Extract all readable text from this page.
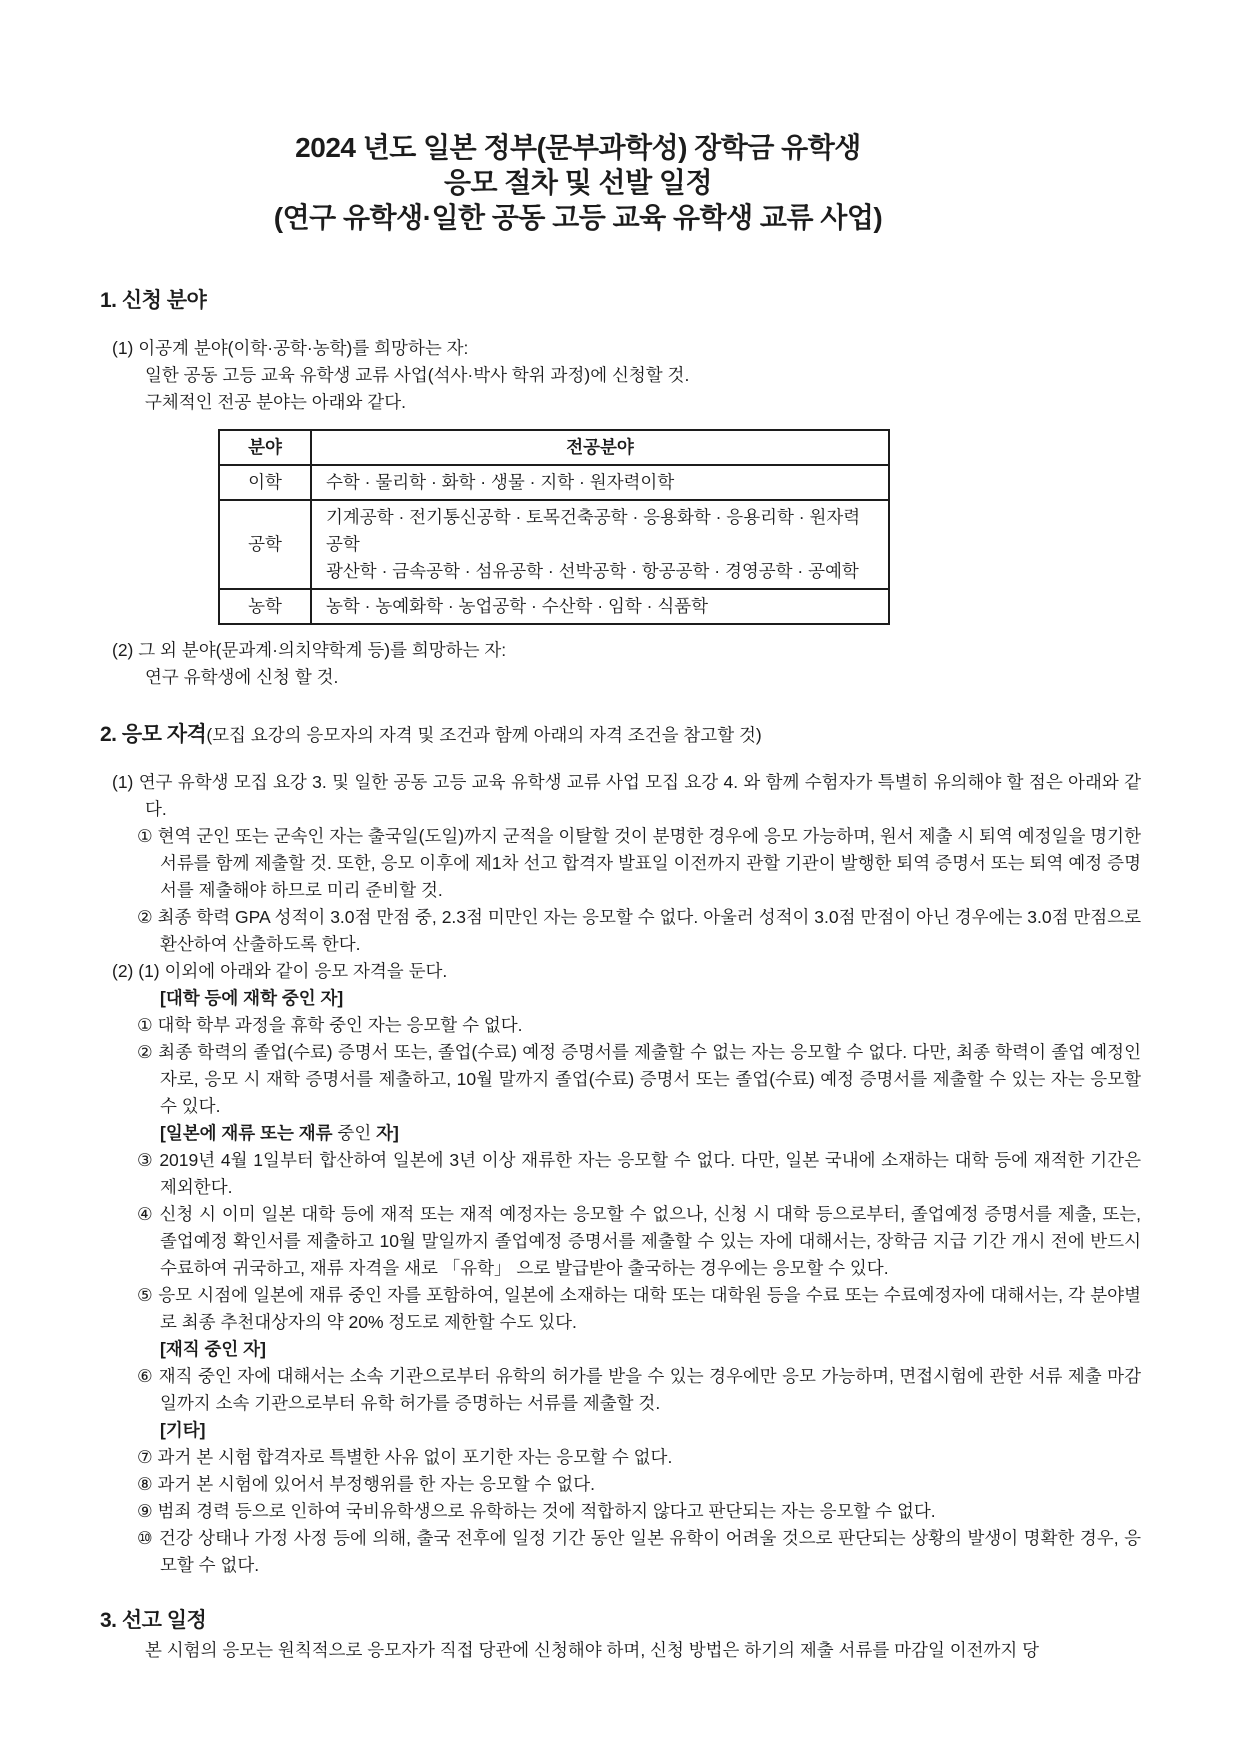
2024 년도 일본 정부(문부과학성) 장학금 유학생
응모 절차 및 선발 일정
(연구 유학생·일한 공동 고등 교육 유학생 교류 사업)
1. 신청 분야

(1) 이공계 분야(이학·공학·농학)를 희망하는 자:

일한 공동 고등 교육 유학생 교류 사업(석사·박사 학위 과정)에 신청할 것.

구체적인 전공 분야는 아래와 같다.

분야	전공분야
이학	수학 · 물리학 · 화학 · 생물 · 지학 · 원자력이학
공학	기계공학 · 전기통신공학 · 토목건축공학 · 응용화학 · 응용리학 · 원자력공학
광산학 · 금속공학 · 섬유공학 · 선박공학 · 항공공학 · 경영공학 · 공예학

농학	농학 · 농예화학 · 농업공학 · 수산학 · 임학 · 식품학

(2) 그 외 분야(문과계·의치약학계 등)를 희망하는 자:

연구 유학생에 신청 할 것.

2. 응모 자격(모집 요강의 응모자의 자격 및 조건과 함께 아래의 자격 조건을 참고할 것)

(1) 연구 유학생 모집 요강 3. 및 일한 공동 고등 교육 유학생 교류 사업 모집 요강 4. 와 함께 수험자가 특별히 유의해야 할 점은 아래와 같다.

① 현역 군인 또는 군속인 자는 출국일(도일)까지 군적을 이탈할 것이 분명한 경우에 응모 가능하며, 원서 제출 시 퇴역 예정일을 명기한 서류를 함께 제출할 것. 또한, 응모 이후에 제1차 선고 합격자 발표일 이전까지 관할 기관이 발행한 퇴역 증명서 또는 퇴역 예정 증명서를 제출해야 하므로 미리 준비할 것.

② 최종 학력 GPA 성적이 3.0점 만점 중, 2.3점 미만인 자는 응모할 수 없다. 아울러 성적이 3.0점 만점이 아닌 경우에는 3.0점 만점으로 환산하여 산출하도록 한다.

(2) (1) 이외에 아래와 같이 응모 자격을 둔다.

[대학 등에 재학 중인 자]

① 대학 학부 과정을 휴학 중인 자는 응모할 수 없다.

② 최종 학력의 졸업(수료) 증명서 또는, 졸업(수료) 예정 증명서를 제출할 수 없는 자는 응모할 수 없다. 다만, 최종 학력이 졸업 예정인 자로, 응모 시 재학 증명서를 제출하고, 10월 말까지 졸업(수료) 증명서 또는 졸업(수료) 예정 증명서를 제출할 수 있는 자는 응모할 수 있다.

[일본에 재류 또는 재류 중인 자]

③ 2019년 4월 1일부터 합산하여 일본에 3년 이상 재류한 자는 응모할 수 없다. 다만, 일본 국내에 소재하는 대학 등에 재적한 기간은 제외한다.

④ 신청 시 이미 일본 대학 등에 재적 또는 재적 예정자는 응모할 수 없으나, 신청 시 대학 등으로부터, 졸업예정 증명서를 제출, 또는, 졸업예정 확인서를 제출하고 10월 말일까지 졸업예정 증명서를 제출할 수 있는 자에 대해서는, 장학금 지급 기간 개시 전에 반드시 수료하여 귀국하고, 재류 자격을 새로 「유학」 으로 발급받아 출국하는 경우에는 응모할 수 있다.

⑤ 응모 시점에 일본에 재류 중인 자를 포함하여, 일본에 소재하는 대학 또는 대학원 등을 수료 또는 수료예정자에 대해서는, 각 분야별로 최종 추천대상자의 약 20% 정도로 제한할 수도 있다.

[재직 중인 자]

⑥ 재직 중인 자에 대해서는 소속 기관으로부터 유학의 허가를 받을 수 있는 경우에만 응모 가능하며, 면접시험에 관한 서류 제출 마감일까지 소속 기관으로부터 유학 허가를 증명하는 서류를 제출할 것.

[기타]

⑦ 과거 본 시험 합격자로 특별한 사유 없이 포기한 자는 응모할 수 없다.

⑧ 과거 본 시험에 있어서 부정행위를 한 자는 응모할 수 없다.

⑨ 범죄 경력 등으로 인하여 국비유학생으로 유학하는 것에 적합하지 않다고 판단되는 자는 응모할 수 없다.

⑩ 건강 상태나 가정 사정 등에 의해, 출국 전후에 일정 기간 동안 일본 유학이 어려울 것으로 판단되는 상황의 발생이 명확한 경우, 응모할 수 없다.

3. 선고 일정

본 시험의 응모는 원칙적으로 응모자가 직접 당관에 신청해야 하며, 신청 방법은 하기의 제출 서류를 마감일 이전까지 당
